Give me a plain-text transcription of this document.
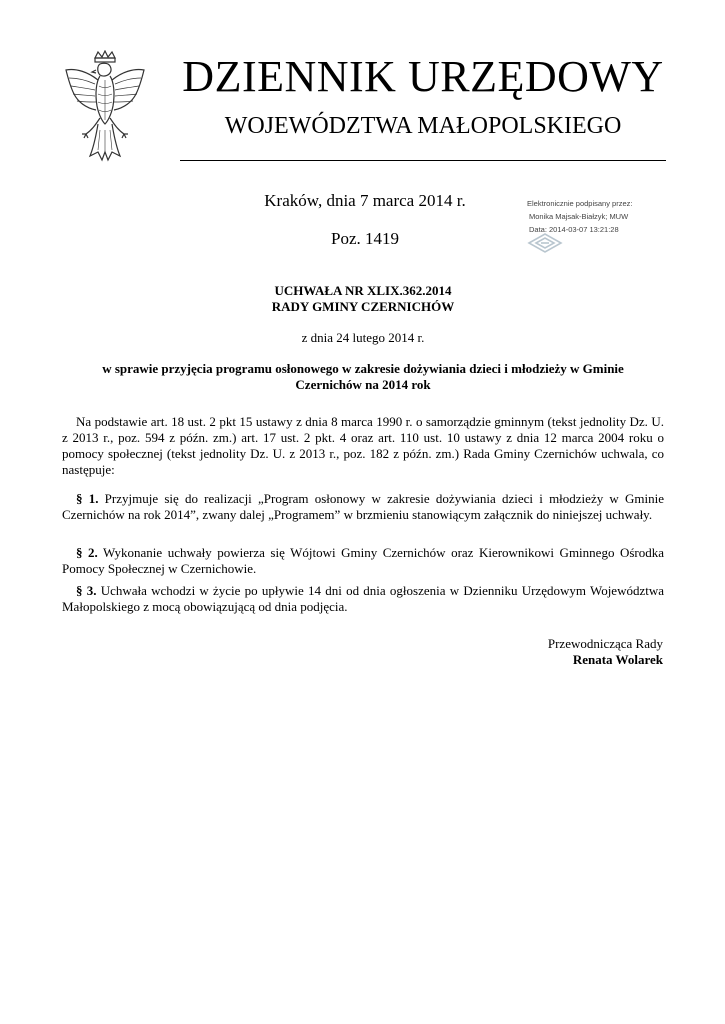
DZIENNIK URZĘDOWY
WOJEWÓDZTWA MAŁOPOLSKIEGO
Kraków, dnia 7 marca 2014 r.
Poz. 1419
Elektronicznie podpisany przez:
Monika Majsak-Białzyk; MUW
Data: 2014-03-07 13:21:28
UCHWAŁA NR XLIX.362.2014
RADY GMINY CZERNICHÓW
z dnia 24 lutego 2014 r.
w sprawie przyjęcia programu osłonowego w zakresie dożywiania dzieci i młodzieży w Gminie Czernichów na 2014 rok
Na podstawie art. 18 ust. 2 pkt 15 ustawy z dnia 8 marca 1990 r. o samorządzie gminnym (tekst jednolity Dz. U. z 2013 r., poz. 594 z późn. zm.) art. 17 ust. 2 pkt. 4 oraz art. 110 ust. 10 ustawy z dnia 12 marca 2004 roku o pomocy społecznej (tekst jednolity Dz. U. z 2013 r., poz. 182 z późn. zm.) Rada Gminy Czernichów uchwala, co następuje:
§ 1. Przyjmuje się do realizacji „Program osłonowy w zakresie dożywiania dzieci i młodzieży w Gminie Czernichów na rok 2014”, zwany dalej „Programem” w brzmieniu stanowiącym załącznik do niniejszej uchwały.
§ 2. Wykonanie uchwały powierza się Wójtowi Gminy Czernichów oraz Kierownikowi Gminnego Ośrodka Pomocy Społecznej w Czernichowie.
§ 3. Uchwała wchodzi w życie po upływie 14 dni od dnia ogłoszenia w Dzienniku Urzędowym Województwa Małopolskiego z mocą obowiązującą od dnia podjęcia.
Przewodnicząca Rady
Renata Wolarek
